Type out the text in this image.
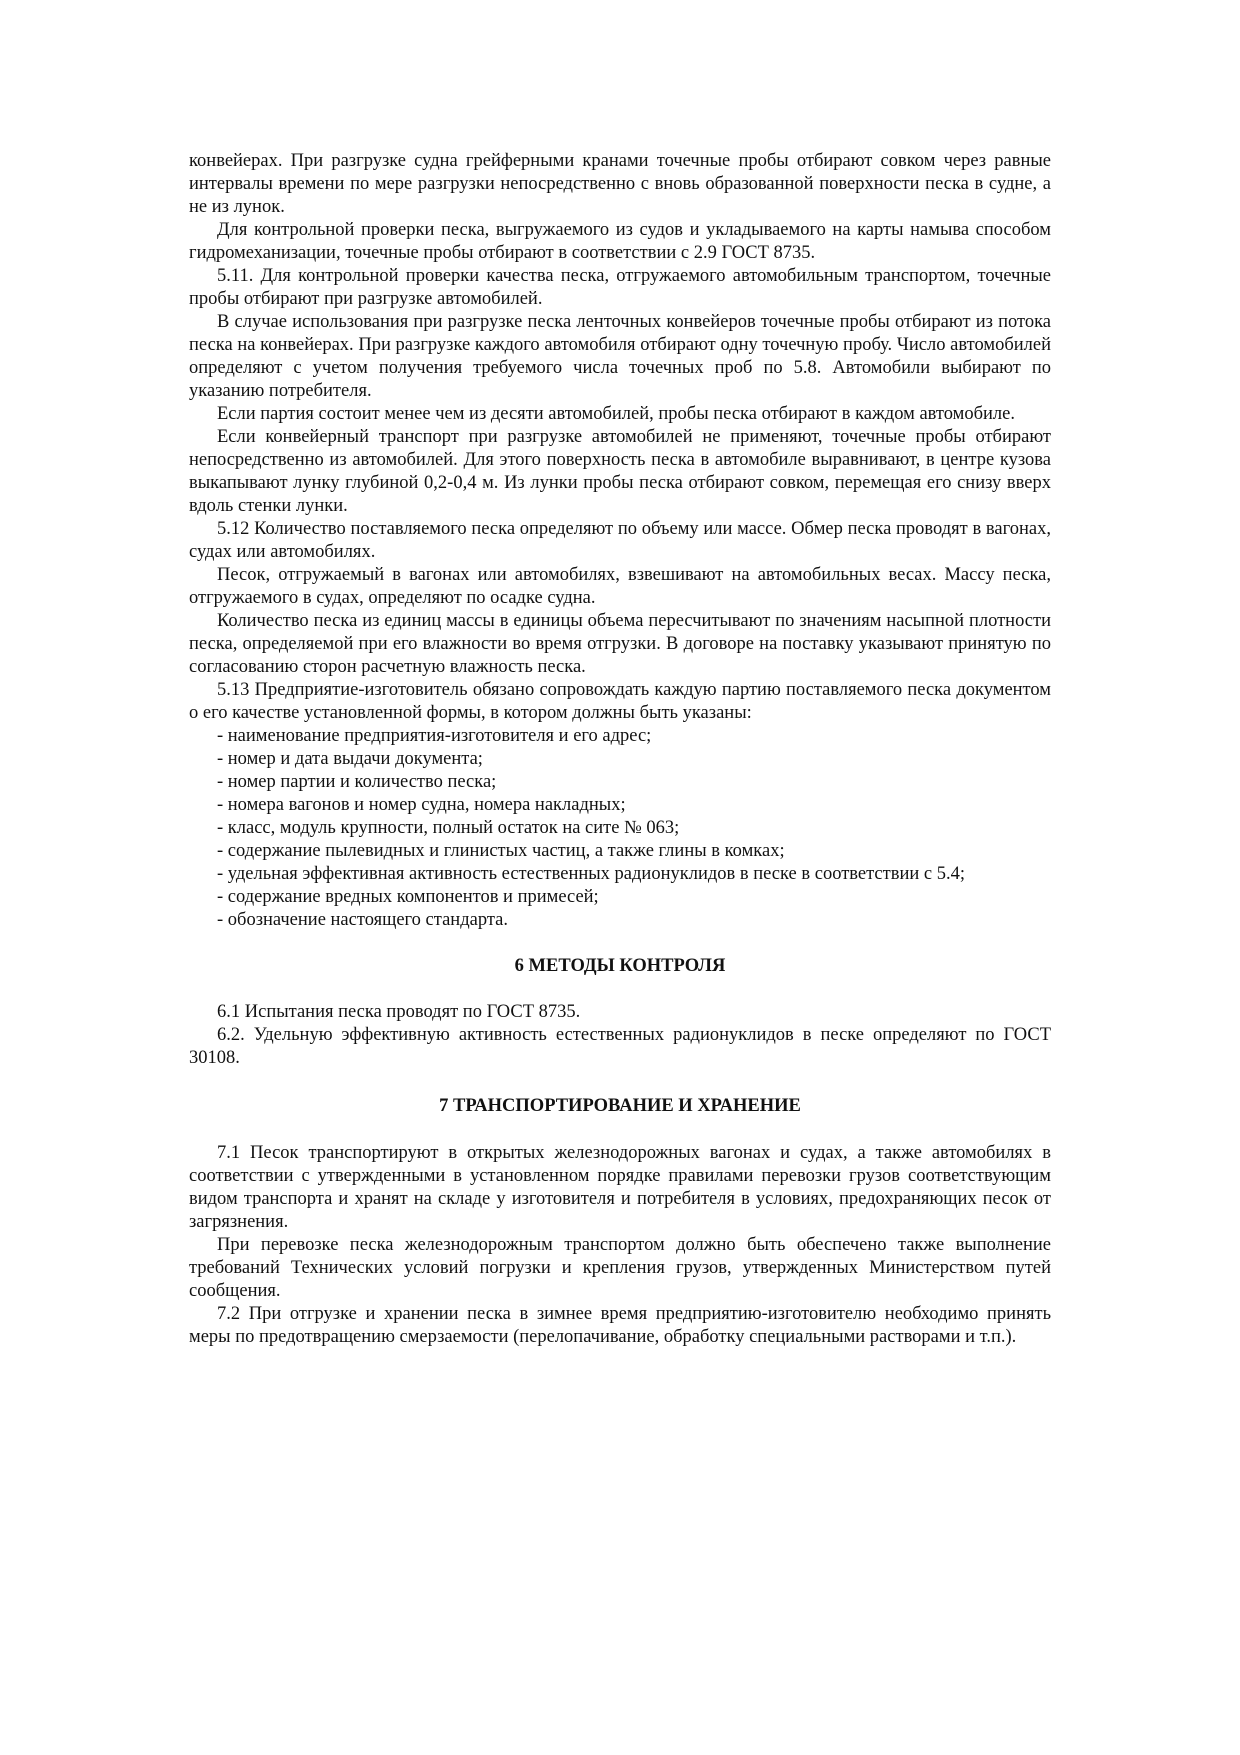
конвейерах. При разгрузке судна грейферными кранами точечные пробы отбирают совком через равные интервалы времени по мере разгрузки непосредственно с вновь образованной поверхности песка в судне, а не из лунок.

Для контрольной проверки песка, выгружаемого из судов и укладываемого на карты намыва способом гидромеханизации, точечные пробы отбирают в соответствии с 2.9 ГОСТ 8735.

5.11. Для контрольной проверки качества песка, отгружаемого автомобильным транспортом, точечные пробы отбирают при разгрузке автомобилей.

В случае использования при разгрузке песка ленточных конвейеров точечные пробы отбирают из потока песка на конвейерах. При разгрузке каждого автомобиля отбирают одну точечную пробу. Число автомобилей определяют с учетом получения требуемого числа точечных проб по 5.8. Автомобили выбирают по указанию потребителя.

Если партия состоит менее чем из десяти автомобилей, пробы песка отбирают в каждом автомобиле.

Если конвейерный транспорт при разгрузке автомобилей не применяют, точечные пробы отбирают непосредственно из автомобилей. Для этого поверхность песка в автомобиле выравнивают, в центре кузова выкапывают лунку глубиной 0,2-0,4 м. Из лунки пробы песка отбирают совком, перемещая его снизу вверх вдоль стенки лунки.

5.12 Количество поставляемого песка определяют по объему или массе. Обмер песка проводят в вагонах, судах или автомобилях.

Песок, отгружаемый в вагонах или автомобилях, взвешивают на автомобильных весах. Массу песка, отгружаемого в судах, определяют по осадке судна.

Количество песка из единиц массы в единицы объема пересчитывают по значениям насыпной плотности песка, определяемой при его влажности во время отгрузки. В договоре на поставку указывают принятую по согласованию сторон расчетную влажность песка.

5.13 Предприятие-изготовитель обязано сопровождать каждую партию поставляемого песка документом о его качестве установленной формы, в котором должны быть указаны:

- наименование предприятия-изготовителя и его адрес;

- номер и дата выдачи документа;

- номер партии и количество песка;

- номера вагонов и номер судна, номера накладных;

- класс, модуль крупности, полный остаток на сите № 063;

- содержание пылевидных и глинистых частиц, а также глины в комках;

- удельная эффективная активность естественных радионуклидов в песке в соответствии с 5.4;

- содержание вредных компонентов и примесей;

- обозначение настоящего стандарта.

6 МЕТОДЫ КОНТРОЛЯ

6.1 Испытания песка проводят по ГОСТ 8735.

6.2. Удельную эффективную активность естественных радионуклидов в песке определяют по ГОСТ 30108.

7 ТРАНСПОРТИРОВАНИЕ И ХРАНЕНИЕ

7.1 Песок транспортируют в открытых железнодорожных вагонах и судах, а также автомобилях в соответствии с утвержденными в установленном порядке правилами перевозки грузов соответствующим видом транспорта и хранят на складе у изготовителя и потребителя в условиях, предохраняющих песок от загрязнения.

При перевозке песка железнодорожным транспортом должно быть обеспечено также выполнение требований Технических условий погрузки и крепления грузов, утвержденных Министерством путей сообщения.

7.2 При отгрузке и хранении песка в зимнее время предприятию-изготовителю необходимо принять меры по предотвращению смерзаемости (перелопачивание, обработку специальными растворами и т.п.).
